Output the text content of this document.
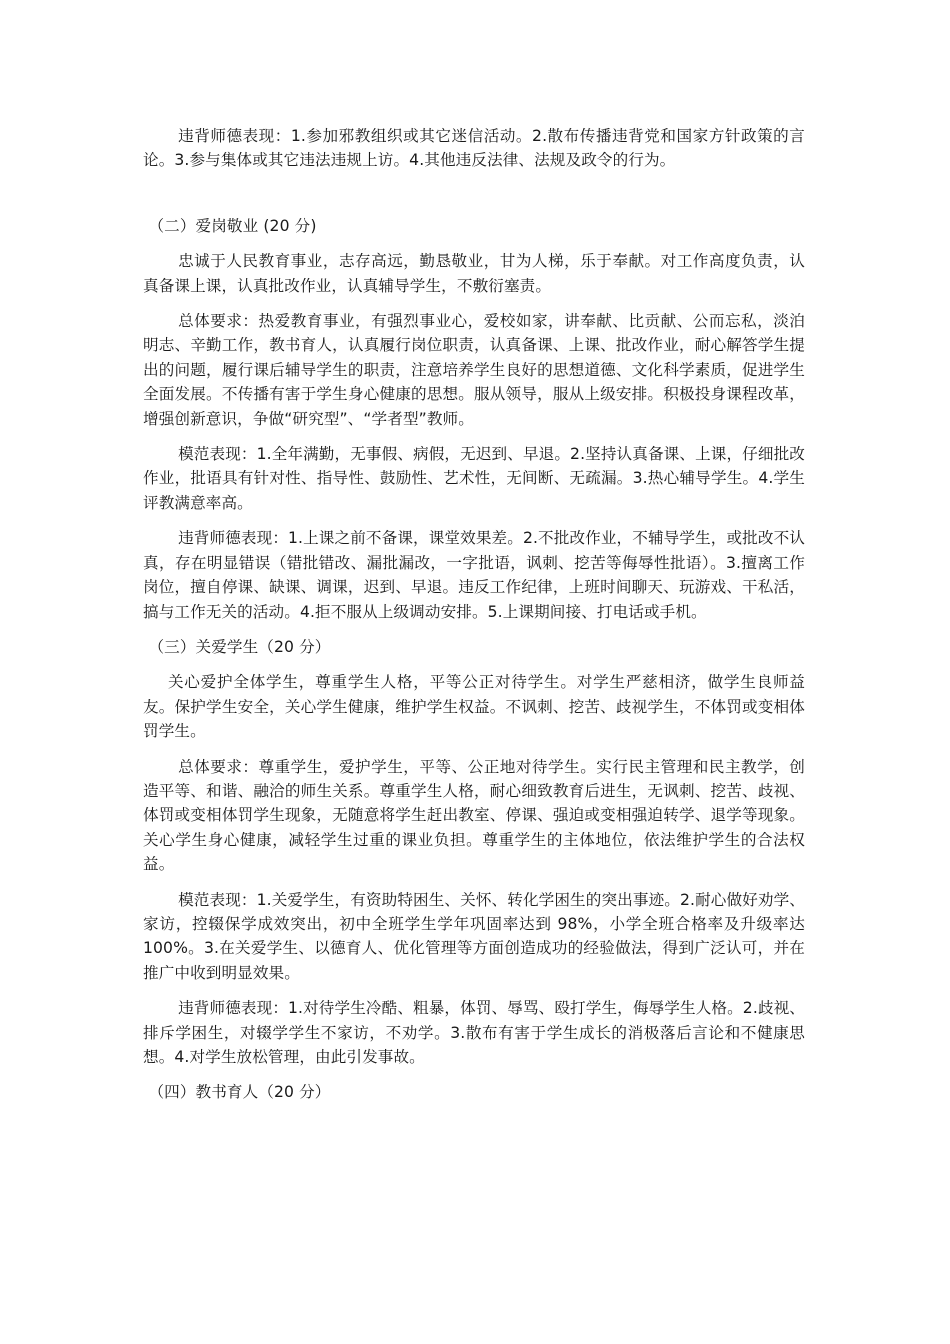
违背师德表现：1.参加邪教组织或其它迷信活动。2.散布传播违背党和国家方针政策的言论。3.参与集体或其它违法违规上访。4.其他违反法律、法规及政令的行为。

（二）爱岗敬业 (20 分)

忠诚于人民教育事业，志存高远，勤恳敬业，甘为人梯，乐于奉献。对工作高度负责，认真备课上课，认真批改作业，认真辅导学生，不敷衍塞责。

总体要求：热爱教育事业，有强烈事业心，爱校如家，讲奉献、比贡献、公而忘私，淡泊明志、辛勤工作，教书育人，认真履行岗位职责，认真备课、上课、批改作业，耐心解答学生提出的问题，履行课后辅导学生的职责，注意培养学生良好的思想道德、文化科学素质，促进学生全面发展。不传播有害于学生身心健康的思想。服从领导，服从上级安排。积极投身课程改革，增强创新意识，争做“研究型”、“学者型”教师。

模范表现：1.全年满勤，无事假、病假，无迟到、早退。2.坚持认真备课、上课，仔细批改作业，批语具有针对性、指导性、鼓励性、艺术性，无间断、无疏漏。3.热心辅导学生。4.学生评教满意率高。

违背师德表现：1.上课之前不备课，课堂效果差。2.不批改作业，不辅导学生，或批改不认真，存在明显错误（错批错改、漏批漏改，一字批语，讽刺、挖苦等侮辱性批语）。3.擅离工作岗位，擅自停课、缺课、调课，迟到、早退。违反工作纪律，上班时间聊天、玩游戏、干私活，搞与工作无关的活动。4.拒不服从上级调动安排。5.上课期间接、打电话或手机。

（三）关爱学生（20 分）

关心爱护全体学生，尊重学生人格，平等公正对待学生。对学生严慈相济，做学生良师益友。保护学生安全，关心学生健康，维护学生权益。不讽刺、挖苦、歧视学生，不体罚或变相体罚学生。

总体要求：尊重学生，爱护学生，平等、公正地对待学生。实行民主管理和民主教学，创造平等、和谐、融洽的师生关系。尊重学生人格，耐心细致教育后进生，无讽刺、挖苦、歧视、体罚或变相体罚学生现象，无随意将学生赶出教室、停课、强迫或变相强迫转学、退学等现象。关心学生身心健康，减轻学生过重的课业负担。尊重学生的主体地位，依法维护学生的合法权益。

模范表现：1.关爱学生，有资助特困生、关怀、转化学困生的突出事迹。2.耐心做好劝学、家访，控辍保学成效突出，初中全班学生学年巩固率达到 98%，小学全班合格率及升级率达 100%。3.在关爱学生、以德育人、优化管理等方面创造成功的经验做法，得到广泛认可，并在推广中收到明显效果。

违背师德表现：1.对待学生冷酷、粗暴，体罚、辱骂、殴打学生，侮辱学生人格。2.歧视、排斥学困生，对辍学学生不家访，不劝学。3.散布有害于学生成长的消极落后言论和不健康思想。4.对学生放松管理，由此引发事故。

（四）教书育人（20 分）
